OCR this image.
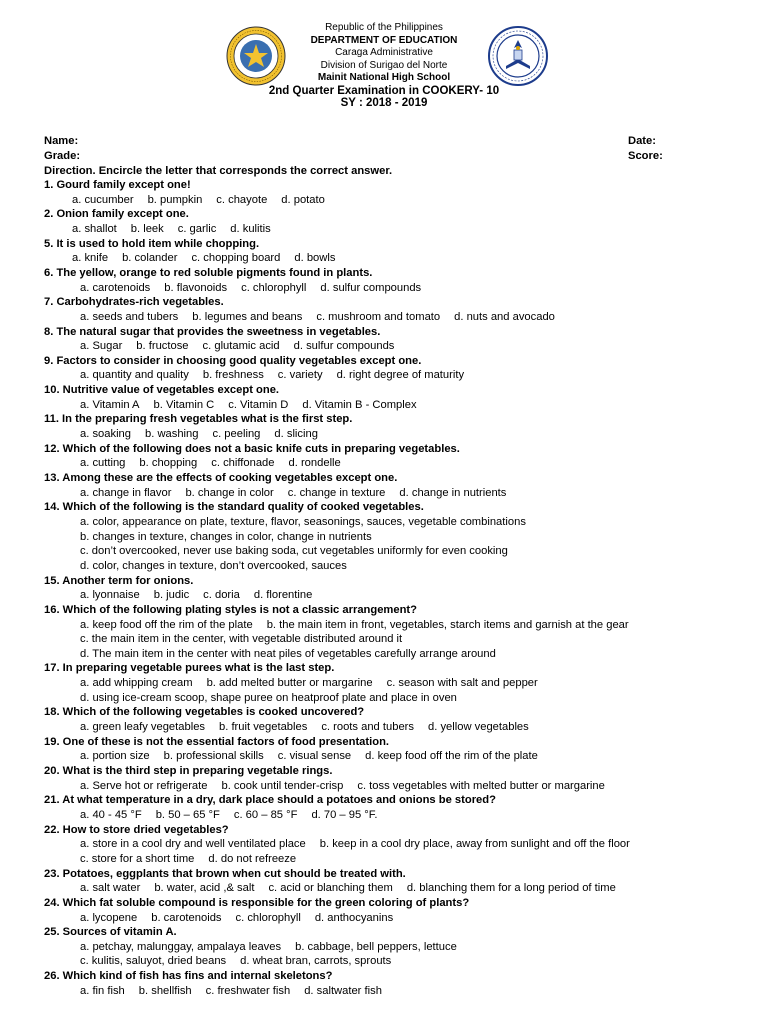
Republic of the Philippines
DEPARTMENT OF EDUCATION
Caraga Administrative
Division of Surigao del Norte
Mainit National High School
2nd Quarter Examination in COOKERY- 10
SY : 2018 - 2019
Name:	Date:
Grade:	Score:
Direction. Encircle the letter that corresponds the correct answer.
1. Gourd family except one!
a. cucumber b. pumpkin c. chayote d. potato
2. Onion family except one.
a. shallot b. leek c. garlic d. kulitis
5. It is used to hold item while chopping.
a. knife b. colander c. chopping board d. bowls
6. The yellow, orange to red soluble pigments found in plants.
a. carotenoids b. flavonoids c. chlorophyll d. sulfur compounds
7. Carbohydrates-rich vegetables.
a. seeds and tubers b. legumes and beans c. mushroom and tomato d. nuts and avocado
8. The natural sugar that provides the sweetness in vegetables.
a. Sugar b. fructose c. glutamic acid d. sulfur compounds
9. Factors to consider in choosing good quality vegetables except one.
a. quantity and quality b. freshness c. variety d. right degree of maturity
10. Nutritive value of vegetables except one.
a. Vitamin A b. Vitamin C c. Vitamin D d. Vitamin B - Complex
11. In the preparing fresh vegetables what is the first step.
a. soaking b. washing c. peeling d. slicing
12. Which of the following does not a basic knife cuts in preparing vegetables.
a. cutting b. chopping c. chiffonade d. rondelle
13. Among these are the effects of cooking vegetables except one.
a. change in flavor b. change in color c. change in texture d. change in nutrients
14. Which of the following is the standard quality of cooked vegetables.
a. color, appearance on plate, texture, flavor, seasonings, sauces, vegetable combinations
b. changes in texture, changes in color, change in nutrients
c. don’t overcooked, never use baking soda, cut vegetables uniformly for even cooking
d. color, changes in texture, don’t overcooked, sauces
15. Another term for onions.
a. lyonnaise b. judic c. doria d. florentine
16. Which of the following plating styles is not a classic arrangement?
a. keep food off the rim of the plate b. the main item in front, vegetables, starch items and garnish at the gear
c. the main item in the center, with vegetable distributed around it
d. The main item in the center with neat piles of vegetables carefully arrange around
17. In preparing vegetable purees what is the last step.
a. add whipping cream b. add melted butter or margarine c. season with salt and pepper
d. using ice-cream scoop, shape puree on heatproof plate and place in oven
18. Which of the following vegetables is cooked uncovered?
a. green leafy vegetables b. fruit vegetables c. roots and tubers d. yellow vegetables
19. One of these is not the essential factors of food presentation.
a. portion size b. professional skills c. visual sense d. keep food off the rim of the plate
20. What is the third step in preparing vegetable rings.
a. Serve hot or refrigerate b. cook until tender-crisp c. toss vegetables with melted butter or margarine
21. At what temperature in a dry, dark place should a potatoes and onions be stored?
a. 40 - 45 °F b. 50 – 65 °F c. 60 – 85 °F d. 70 – 95 °F.
22. How to store dried vegetables?
a. store in a cool dry and well ventilated place b. keep in a cool dry place, away from sunlight and off the floor
c. store for a short time d. do not refreeze
23. Potatoes, eggplants that brown when cut should be treated with.
a. salt water b. water, acid ,& salt c. acid or blanching them d. blanching them for a long period of time
24. Which fat soluble compound is responsible for the green coloring of plants?
a. lycopene b. carotenoids c. chlorophyll d. anthocyanins
25. Sources of vitamin A.
a. petchay, malunggay, ampalaya leaves b. cabbage, bell peppers, lettuce
c. kulitis, saluyot, dried beans d. wheat bran, carrots, sprouts
26. Which kind of fish has fins and internal skeletons?
a. fin fish b. shellfish c. freshwater fish d. saltwater fish
